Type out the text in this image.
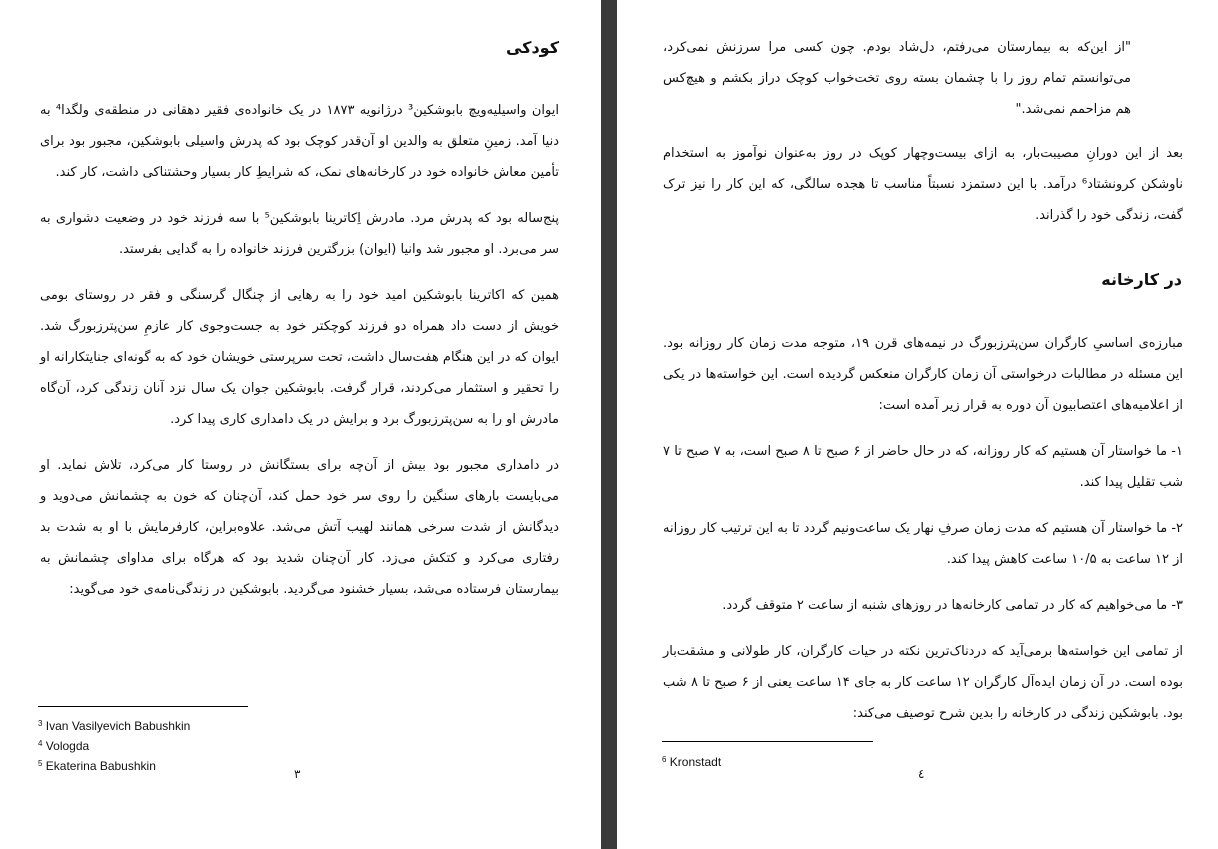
کودکی

ایوان واسیلیه‌ویچ بابوشکین³ درژانویه ۱۸۷۳ در یک خانواده‌ی فقیر دهقانی در منطقه‌ی ولگدا⁴ به دنیا آمد. زمینِ متعلق به والدین او آن‌قدر کوچک بود که پدرش واسیلی بابوشکین، مجبور بود برای تأمین معاش خانواده خود در کارخانه‌های نمک، که شرایطِ کار بسیار وحشتناکی داشت، کار کند.

پنج‌ساله بود که پدرش مرد. مادرش اِکاترینا بابوشکین⁵ با سه فرزند خود در وضعیت دشواری به سر می‌برد. او مجبور شد وانیا (ایوان) بزرگترین فرزند خانواده را به گدایی بفرستد.

همین که اکاترینا بابوشکین امید خود را به رهایی از چنگال گرسنگی و فقر در روستای بومی خویش از دست داد همراه دو فرزند کوچکتر خود به جست‌وجوی کار عازمِ سن‌پترزبورگ شد. ایوان که در این هنگام هفت‌سال داشت، تحت سرپرستی خویشان خود که به گونه‌ای جنایتکارانه او را تحقیر و استثمار می‌کردند، قرار گرفت. بابوشکین جوان یک سال نزد آنان زندگی کرد، آن‌گاه مادرش او را به سن‌پترزبورگ برد و برایش در یک دامداری کاری پیدا کرد.

در دامداری مجبور بود بیش از آن‌چه برای بستگانش در روستا کار می‌کرد، تلاش نماید. او می‌بایست بارهای سنگین را روی سر خود حمل کند، آن‌چنان که خون به چشمانش می‌دوید و دیدگانش از شدت سرخی همانند لهیب آتش می‌شد. علاوه‌براین، کارفرمایش با او به شدت بد رفتاری می‌کرد و کتکش می‌زد. کار آن‌چنان شدید بود که هرگاه برای مداوای چشمانش به بیمارستان فرستاده می‌شد، بسیار خشنود می‌گردید. بابوشکین در زندگی‌نامه‌ی خود می‌گوید:

$^3$ Ivan Vasilyevich Babushkin
$^4$ Vologda
$^5$ Ekaterina Babushkin
٣

"از این‌که به بیمارستان می‌رفتم، دل‌شاد بودم. چون کسی مرا سرزنش نمی‌کرد، می‌توانستم تمام روز را با چشمان بسته روی تخت‌خواب کوچک دراز بکشم و هیچ‌کس هم مزاحمم نمی‌شد."

بعد از این دورانِ مصیبت‌بار، به ازای بیست‌وچهار کوپک در روز به‌عنوان نوآموز به استخدام ناوشکن کرونشتاد⁶ درآمد. با این دستمزد نسبتاً مناسب تا هجده سالگی، که این کار را نیز ترک گفت، زندگی خود را گذراند.

در کارخانه

مبارزه‌ی اساسیِ کارگران سن‌پترزبورگ در نیمه‌های قرن ۱۹، متوجه مدت زمان کار روزانه بود. این مسئله در مطالبات درخواستی آن زمان کارگران منعکس گردیده است. این خواسته‌ها در یکی از اعلامیه‌های اعتصابیون آن دوره به قرار زیر آمده است:

۱- ما خواستار آن هستیم که کار روزانه، که در حال حاضر از ۶ صبح تا ۸ صبح است، به ۷ صبح تا ۷ شب تقلیل پیدا کند.

۲- ما خواستار آن هستیم که مدت زمان صرفِ نهار یک ساعت‌ونیم گردد تا به این ترتیب کار روزانه از ۱۲ ساعت به ۱۰/۵ ساعت کاهش پیدا کند.

۳- ما می‌خواهیم که کار در تمامی کارخانه‌ها در روزهای شنبه از ساعت ۲ متوقف گردد.

از تمامی این خواسته‌ها برمی‌آید که دردناک‌ترین نکته در حیات کارگران، کار طولانی و مشقت‌بار بوده است. در آن زمان ایده‌آل کارگران ۱۲ ساعت کار به جای ۱۴ ساعت یعنی از ۶ صبح تا ۸ شب بود. بابوشکین زندگی در کارخانه را بدین شرح توصیف می‌کند:

$^6$ Kronstadt
٤
